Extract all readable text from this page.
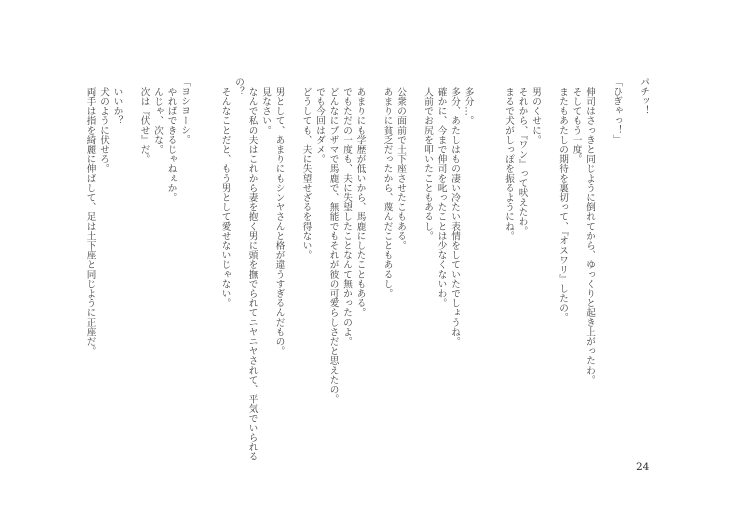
パチッ！

「ひぎゃっ！」

伸司はさっきと同じように倒れてから、ゆっくりと起き上がったわ。
そしてもう一度。
またもあたしの期待を裏切って、『オスワリ』したの。

男のくせに。
それから、『ワン』って吠えたわ。
まるで犬がしっぽを振るようにね。

多分…。
多分、あたしはもの凄い冷たい表情をしていたでしょうね。
確かに、今まで伸司を叱ったことは少なくないわ。
人前でお尻を叩いたこともあるし。

公衆の面前で土下座させたこもある。
あまりに貧乏だったから、蔑んだこともあるし。

あまりにも学歴が低いから、馬鹿にしたこともある。
でもただの一度も、夫に失望したことなんて無かったのよ。
どんなにブザマで馬鹿で、無能でもそれが彼の可愛らしさだと思えたの。
でも今回はダメ。
どうしても、夫に失望せざるを得ない。

男として、あまりにもシンヤさんと格が違うすぎるんだもの。
見なさい。
なんで私の夫はこれから妻を抱く男に頭を撫でられてニヤニヤされて、平気でいられる
の？
そんなことだと、もう男として愛せないじゃない。

「ヨシヨーシ。
やればできるじゃねぇか。
んじゃ、次な。
次は『伏せ』だ。

いいか？
犬のように伏せろ。
両手は指を綺麗に伸ばして、足は土下座と同じように正座だ。
24
